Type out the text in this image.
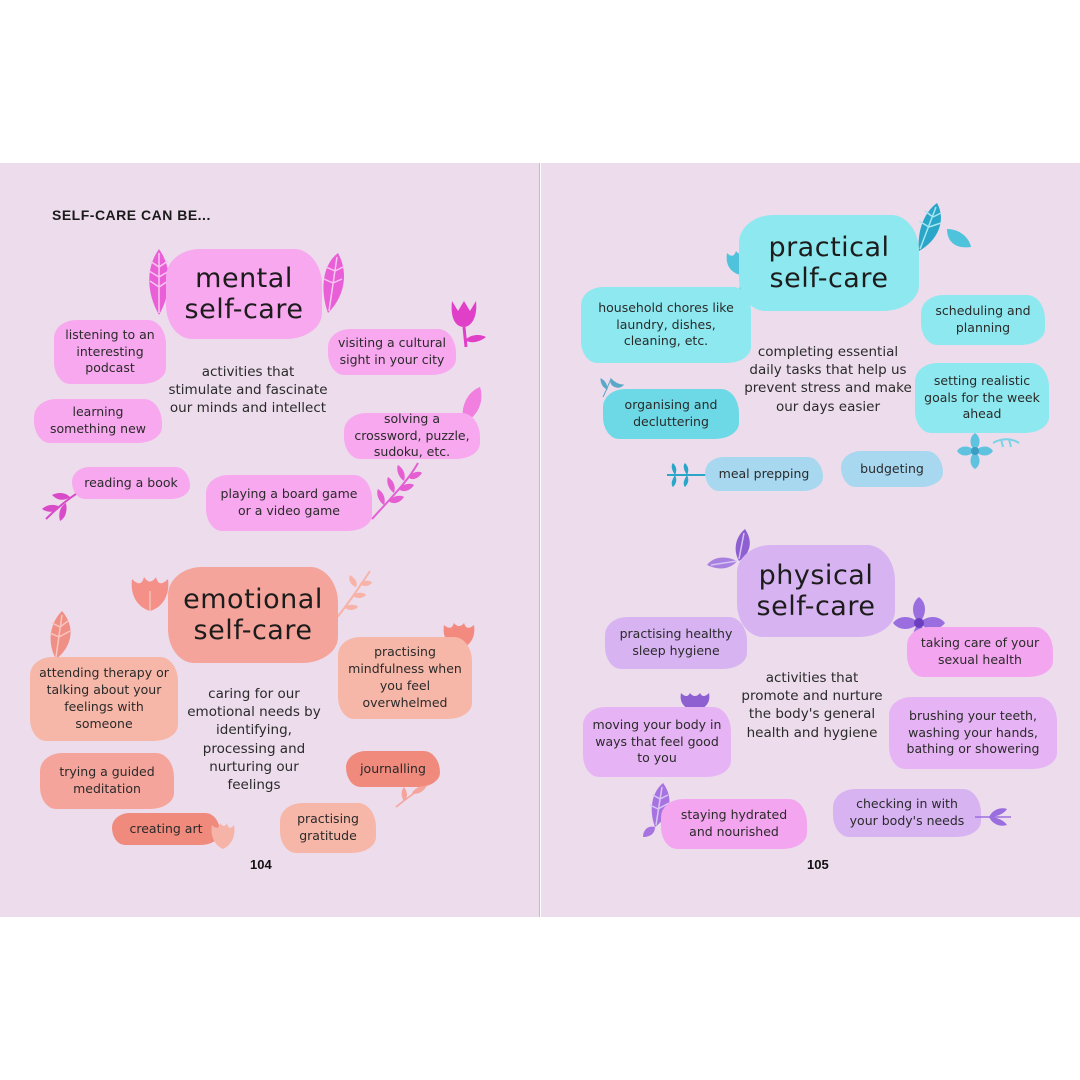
SELF-CARE CAN BE...
mental
self-care
listening to an interesting podcast
visiting a cultural sight in your city
activities that stimulate and fascinate our minds and intellect
learning something new
solving a crossword, puzzle, sudoku, etc.
reading a book
playing a board game or a video game
emotional
self-care
attending therapy or talking about your feelings with someone
practising mindfulness when you feel overwhelmed
caring for our emotional needs by identifying, processing and nurturing our feelings
trying a guided meditation
journalling
creating art
practising gratitude
104
practical
self-care
household chores like laundry, dishes, cleaning, etc.
scheduling and planning
completing essential daily tasks that help us prevent stress and make our days easier
organising and decluttering
setting realistic goals for the week ahead
meal prepping	budgeting
physical
self-care
practising healthy sleep hygiene
taking care of your sexual health
activities that promote and nurture the body's general health and hygiene
moving your body in ways that feel good to you
brushing your teeth, washing your hands, bathing or showering
staying hydrated and nourished
checking in with your body's needs
105
